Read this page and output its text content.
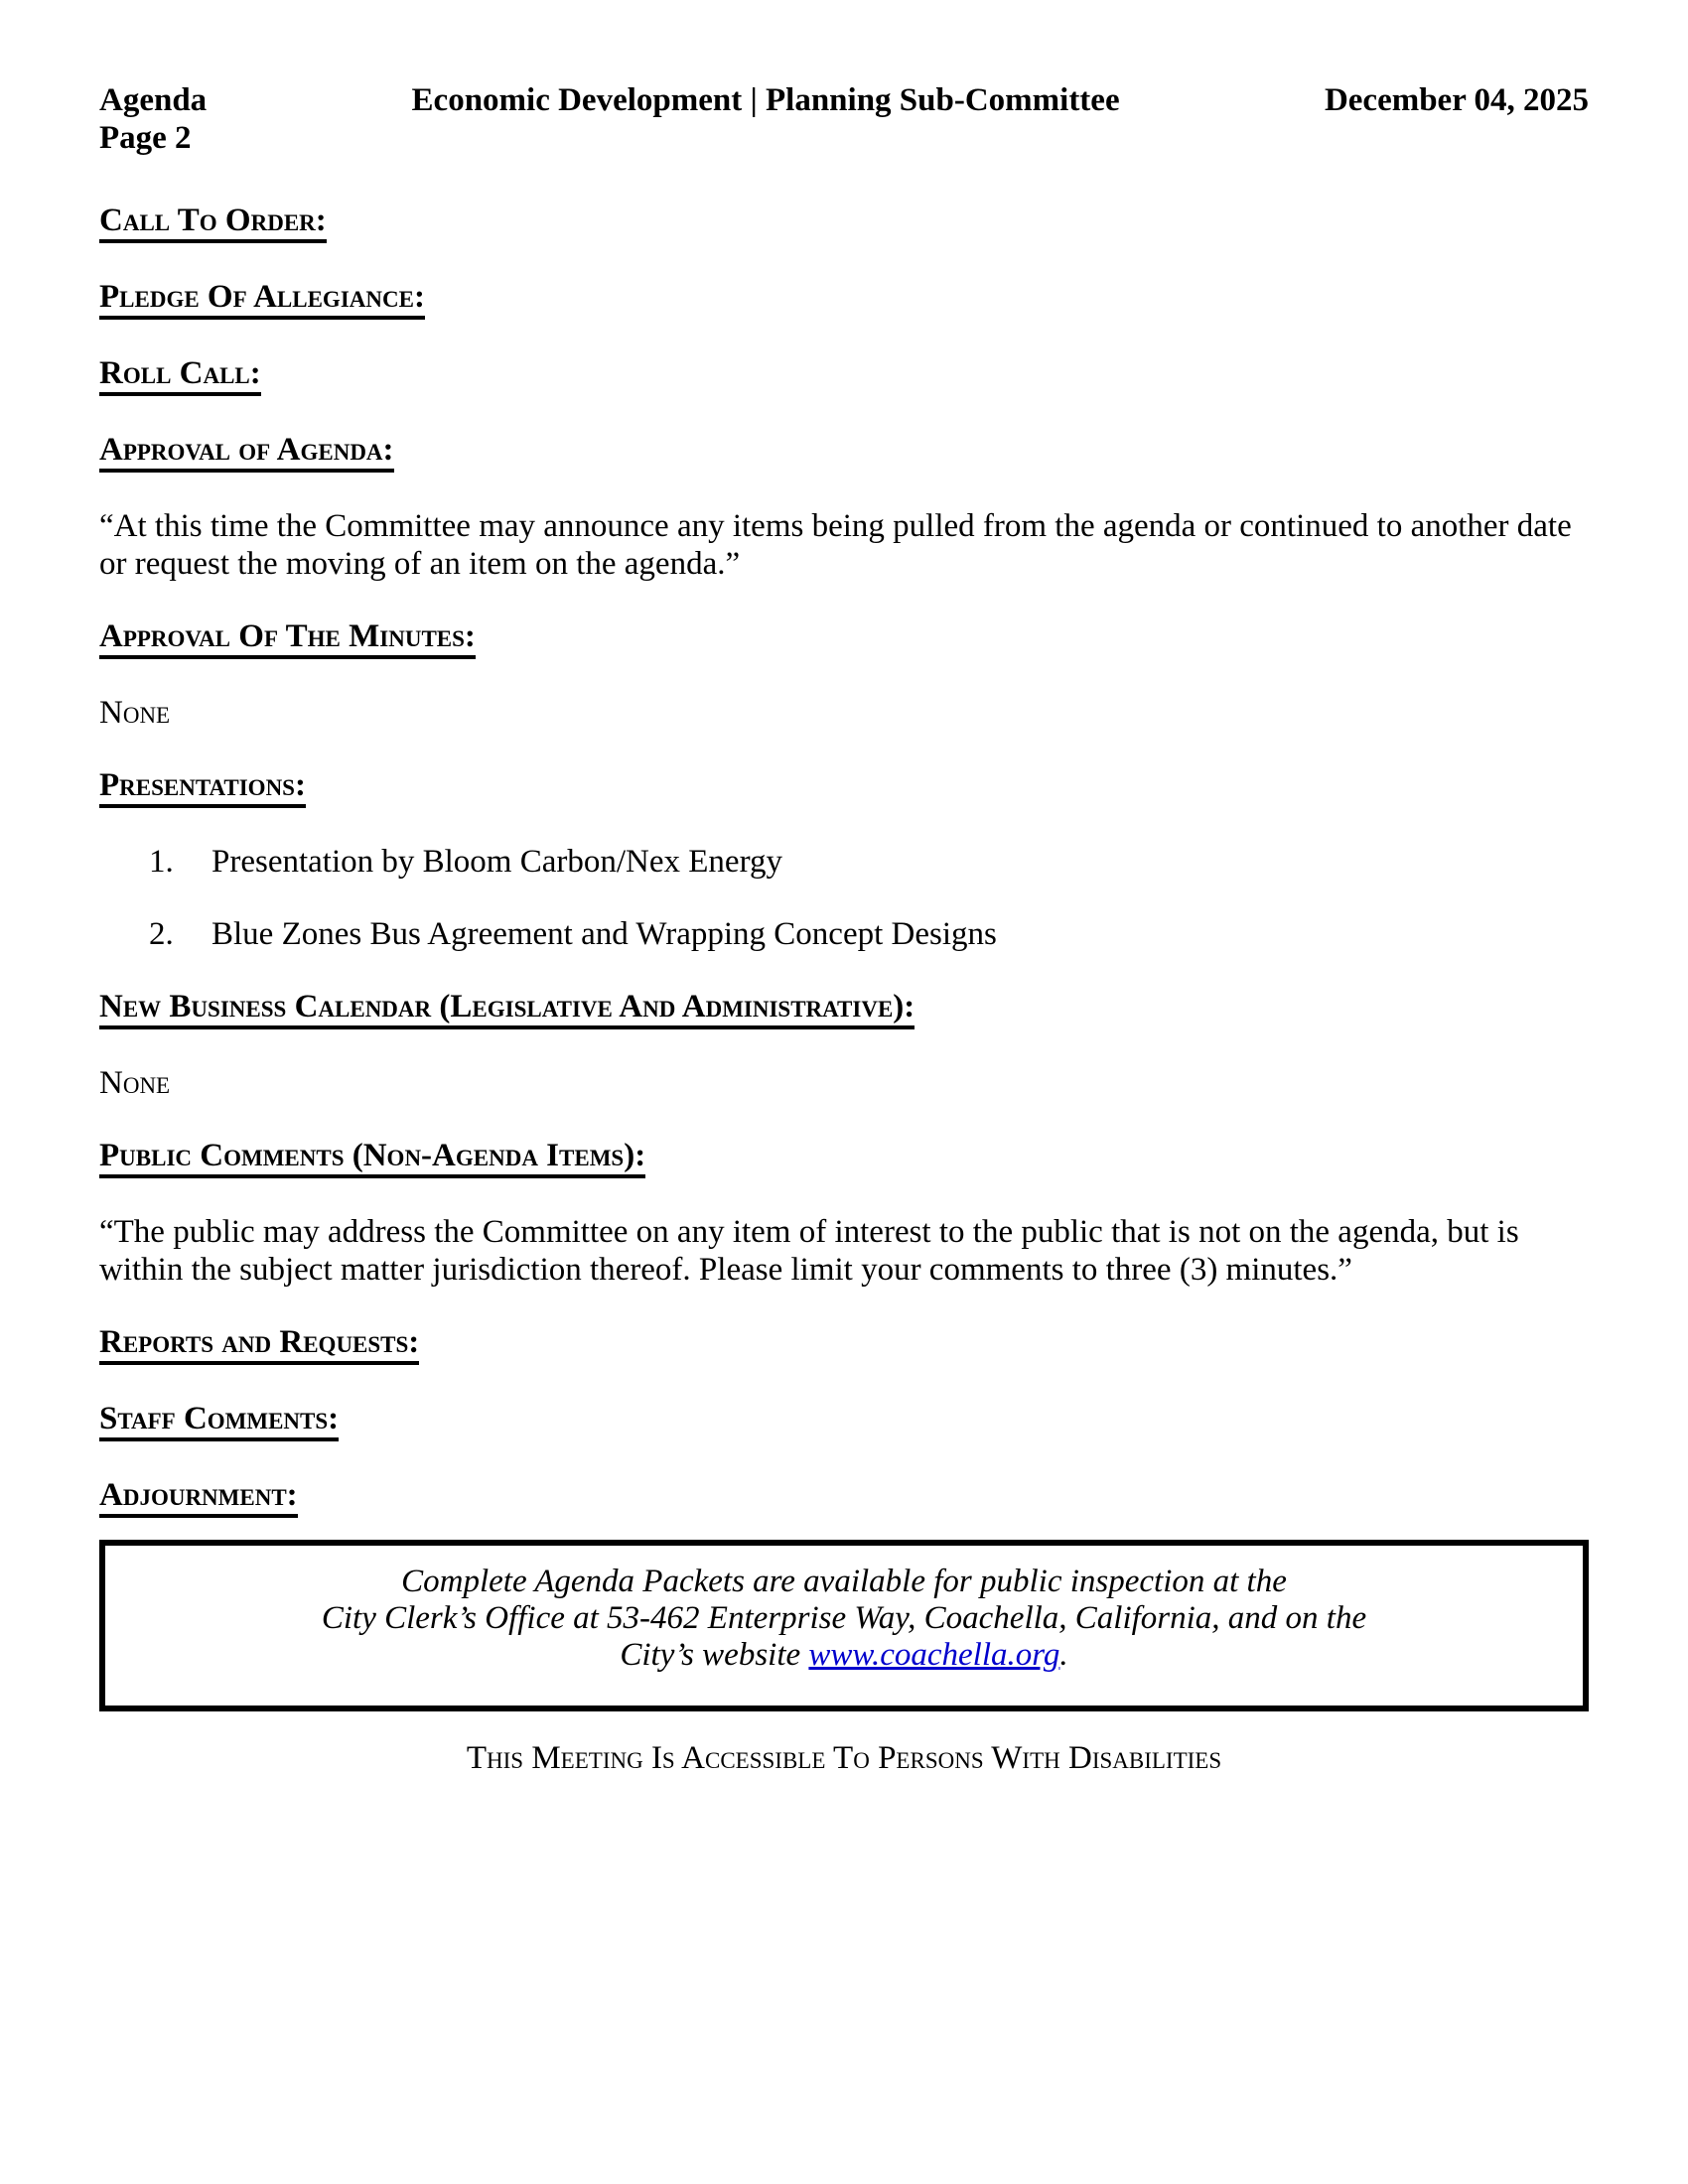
Agenda
Page 2
Economic Development | Planning Sub-Committee	December 04, 2025
Call To Order:
Pledge Of Allegiance:
Roll Call:
Approval of Agenda:
“At this time the Committee may announce any items being pulled from the agenda or continued to another date or request the moving of an item on the agenda.”
Approval Of The Minutes:
None
Presentations:
1.	Presentation by Bloom Carbon/Nex Energy
2.	Blue Zones Bus Agreement and Wrapping Concept Designs
New Business Calendar (Legislative And Administrative):
None
Public Comments (Non-Agenda Items):
“The public may address the Committee on any item of interest to the public that is not on the agenda, but is within the subject matter jurisdiction thereof. Please limit your comments to three (3) minutes.”
Reports and Requests:
Staff Comments:
Adjournment:
Complete Agenda Packets are available for public inspection at the
City Clerk’s Office at 53-462 Enterprise Way, Coachella, California, and on the
City’s website www.coachella.org.
This Meeting Is Accessible To Persons With Disabilities
